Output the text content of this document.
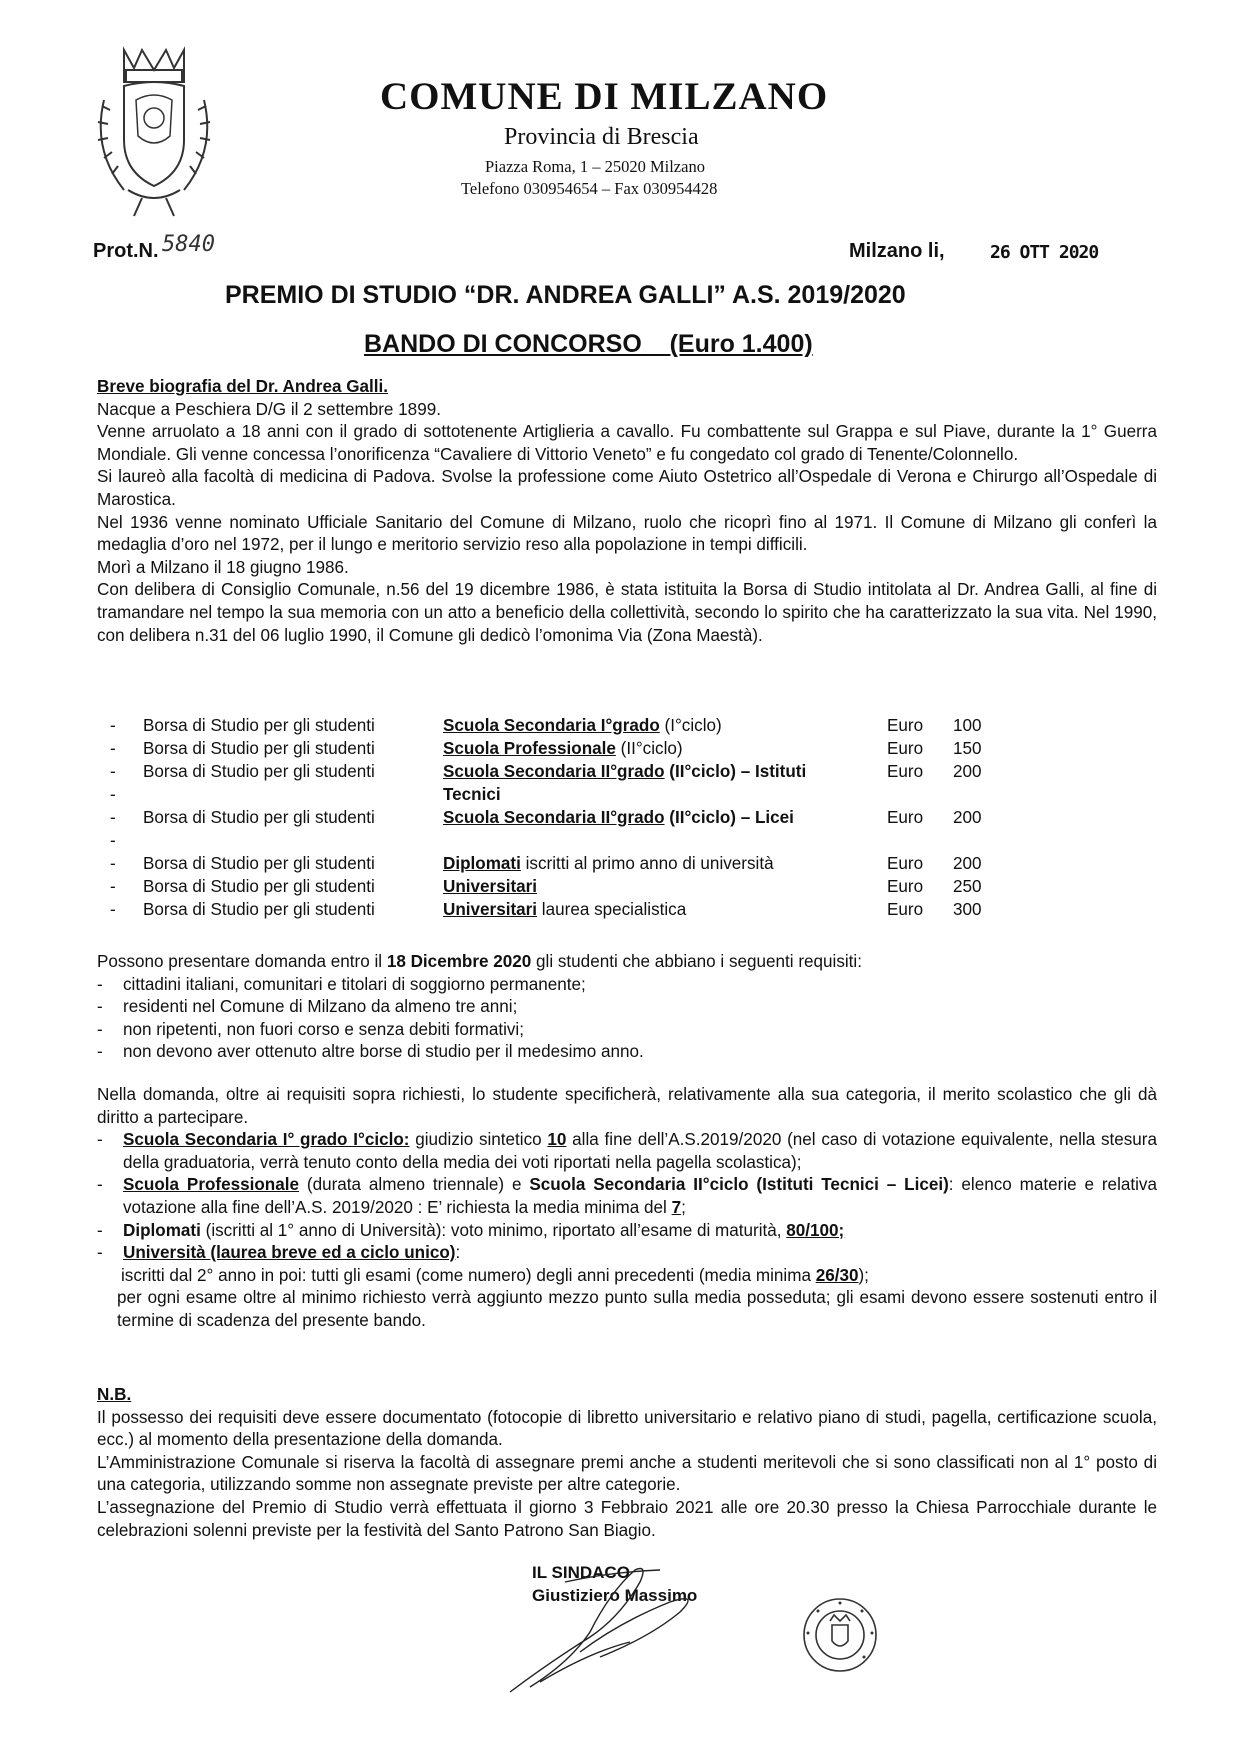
COMUNE DI MILZANO
Provincia di Brescia
Piazza Roma, 1 – 25020 Milzano
Telefono 030954654 – Fax 030954428
Prot.N. 5840	Milzano li,	26 OTT 2020
PREMIO DI STUDIO “DR. ANDREA GALLI” A.S. 2019/2020
BANDO DI CONCORSO    (Euro 1.400)

Breve biografia del Dr. Andrea Galli.

Nacque a Peschiera D/G il 2 settembre 1899.

Venne arruolato a 18 anni con il grado di sottotenente Artiglieria a cavallo. Fu combattente sul Grappa e sul Piave, durante la 1° Guerra Mondiale. Gli venne concessa l’onorificenza “Cavaliere di Vittorio Veneto” e fu congedato col grado di Tenente/Colonnello.

Si laureò alla facoltà di medicina di Padova. Svolse la professione come Aiuto Ostetrico all’Ospedale di Verona e Chirurgo all’Ospedale di Marostica.

Nel 1936 venne nominato Ufficiale Sanitario del Comune di Milzano, ruolo che ricoprì fino al 1971. Il Comune di Milzano gli conferì la medaglia d’oro nel 1972, per il lungo e meritorio servizio reso alla popolazione in tempi difficili.

Morì a Milzano il 18 giugno 1986.

Con delibera di Consiglio Comunale, n.56 del 19 dicembre 1986, è stata istituita la Borsa di Studio intitolata al Dr. Andrea Galli, al fine di tramandare nel tempo la sua memoria con un atto a beneficio della collettività, secondo lo spirito che ha caratterizzato la sua vita. Nel 1990, con delibera n.31 del 06 luglio 1990, il Comune gli dedicò l’omonima Via (Zona Maestà).

- Borsa di Studio per gli studenti	Scuola Secondaria I°grado (I°ciclo)	Euro 100
- Borsa di Studio per gli studenti	Scuola Professionale (II°ciclo)	Euro 150
- Borsa di Studio per gli studenti	Scuola Secondaria II°grado (II°ciclo) – Istituti	Euro 200
-	Tecnici
- Borsa di Studio per gli studenti	Scuola Secondaria II°grado (II°ciclo) – Licei	Euro 200
-
- Borsa di Studio per gli studenti	Diplomati iscritti al primo anno di università	Euro 200
- Borsa di Studio per gli studenti	Universitari	Euro 250
- Borsa di Studio per gli studenti	Universitari laurea specialistica	Euro 300
Possono presentare domanda entro il 18 Dicembre 2020 gli studenti che abbiano i seguenti requisiti:
- cittadini italiani, comunitari e titolari di soggiorno permanente;
- residenti nel Comune di Milzano da almeno tre anni;
- non ripetenti, non fuori corso e senza debiti formativi;
- non devono aver ottenuto altre borse di studio per il medesimo anno.

Nella domanda, oltre ai requisiti sopra richiesti, lo studente specificherà, relativamente alla sua categoria, il merito scolastico che gli dà diritto a partecipare.

- Scuola Secondaria I° grado I°ciclo: giudizio sintetico 10 alla fine dell’A.S.2019/2020 (nel caso di votazione equivalente, nella stesura della graduatoria, verrà tenuto conto della media dei voti riportati nella pagella scolastica);
- Scuola Professionale (durata almeno triennale) e Scuola Secondaria II°ciclo (Istituti Tecnici – Licei): elenco materie e relativa votazione alla fine dell’A.S. 2019/2020 : E’ richiesta la media minima del 7;
- Diplomati (iscritti al 1° anno di Università): voto minimo, riportato all’esame di maturità, 80/100;
- Università (laurea breve ed a ciclo unico):

iscritti dal 2° anno in poi: tutti gli esami (come numero) degli anni precedenti (media minima 26/30);

per ogni esame oltre al minimo richiesto verrà aggiunto mezzo punto sulla media posseduta; gli esami devono essere sostenuti entro il termine di scadenza del presente bando.

N.B.

Il possesso dei requisiti deve essere documentato (fotocopie di libretto universitario e relativo piano di studi, pagella, certificazione scuola, ecc.) al momento della presentazione della domanda.

L’Amministrazione Comunale si riserva la facoltà di assegnare premi anche a studenti meritevoli che si sono classificati non al 1° posto di una categoria, utilizzando somme non assegnate previste per altre categorie.

L’assegnazione del Premio di Studio verrà effettuata il giorno 3 Febbraio 2021 alle ore 20.30 presso la Chiesa Parrocchiale durante le celebrazioni solenni previste per la festività del Santo Patrono San Biagio.

IL SINDACO
Giustiziero Massimo
